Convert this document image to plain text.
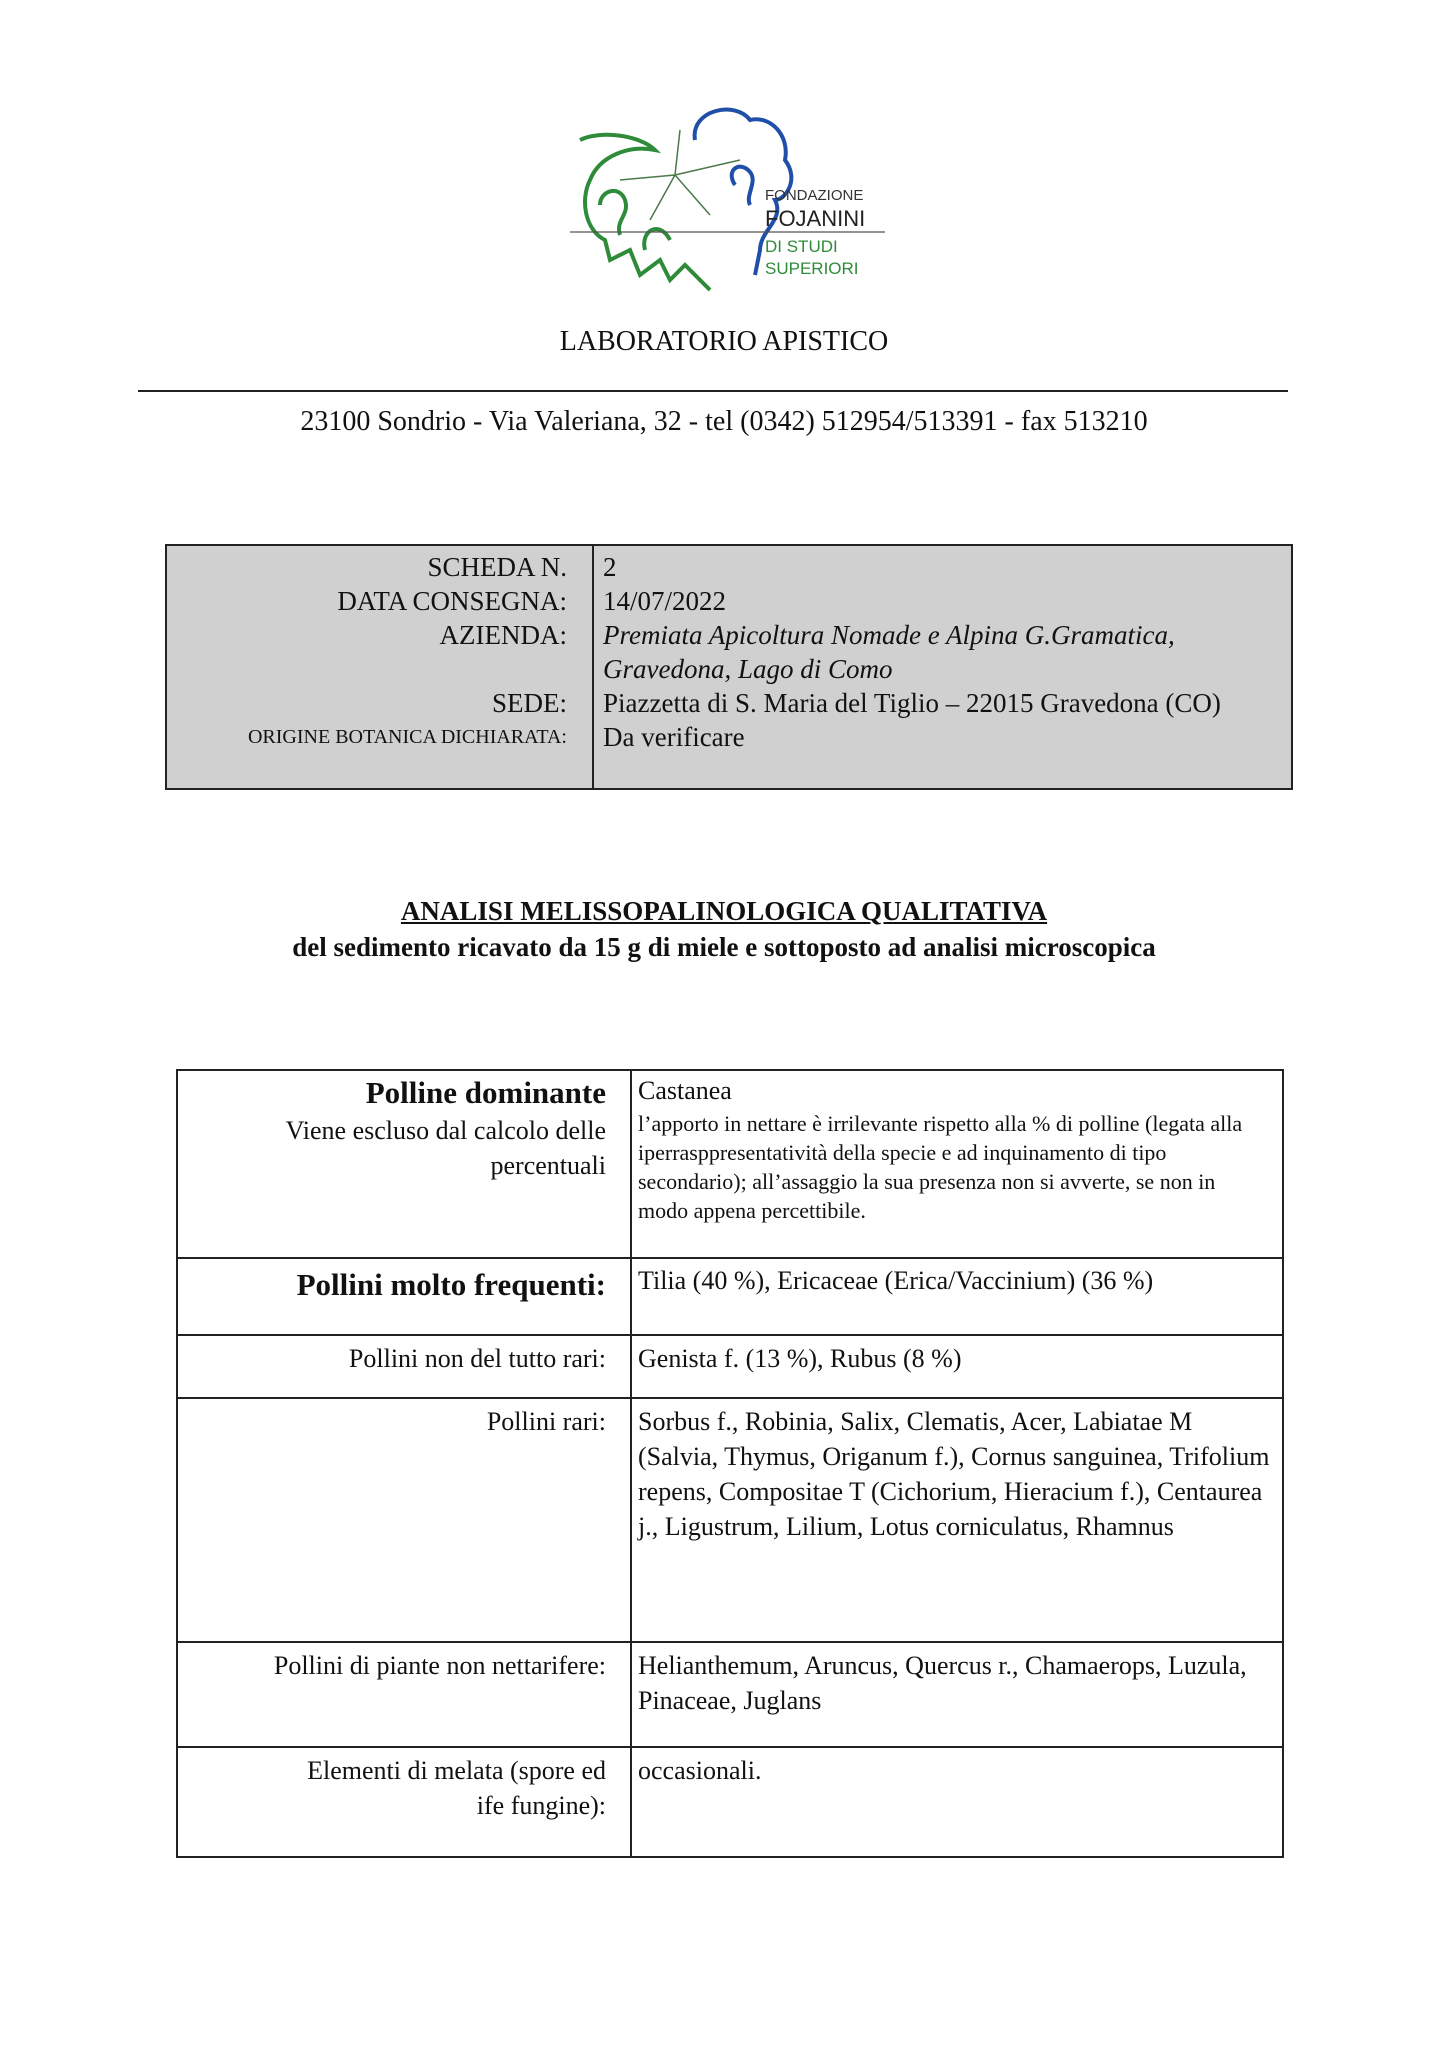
FONDAZIONE
FOJANINI
DI STUDI
SUPERIORI
LABORATORIO APISTICO
23100 Sondrio - Via Valeriana, 32 - tel (0342) 512954/513391 - fax 513210
SCHEDA N. 2
DATA CONSEGNA: 14/07/2022
AZIENDA: Premiata Apicoltura Nomade e Alpina G.Gramatica,
Gravedona, Lago di Como
SEDE: Piazzetta di S. Maria del Tiglio – 22015 Gravedona (CO)
ORIGINE BOTANICA DICHIARATA: Da verificare
ANALISI MELISSOPALINOLOGICA QUALITATIVA
del sedimento ricavato da 15 g di miele e sottoposto ad analisi microscopica
Polline dominante
Viene escluso dal calcolo delle
percentuali
Castanea
l’apporto in nettare è irrilevante rispetto alla % di polline (legata alla iperrasppresentatività della specie e ad inquinamento di tipo secondario); all’assaggio la sua presenza non si avverte, se non in modo appena percettibile.
Pollini molto frequenti: Tilia (40 %), Ericaceae (Erica/Vaccinium) (36 %)
Pollini non del tutto rari: Genista f. (13 %), Rubus (8 %)
Pollini rari: Sorbus f., Robinia, Salix, Clematis, Acer, Labiatae M (Salvia, Thymus, Origanum f.), Cornus sanguinea, Trifolium repens, Compositae T (Cichorium, Hieracium f.), Centaurea j., Ligustrum, Lilium, Lotus corniculatus, Rhamnus
Pollini di piante non nettarifere: Helianthemum, Aruncus, Quercus r., Chamaerops, Luzula, Pinaceae, Juglans
Elementi di melata (spore ed ife fungine):
occasionali.
